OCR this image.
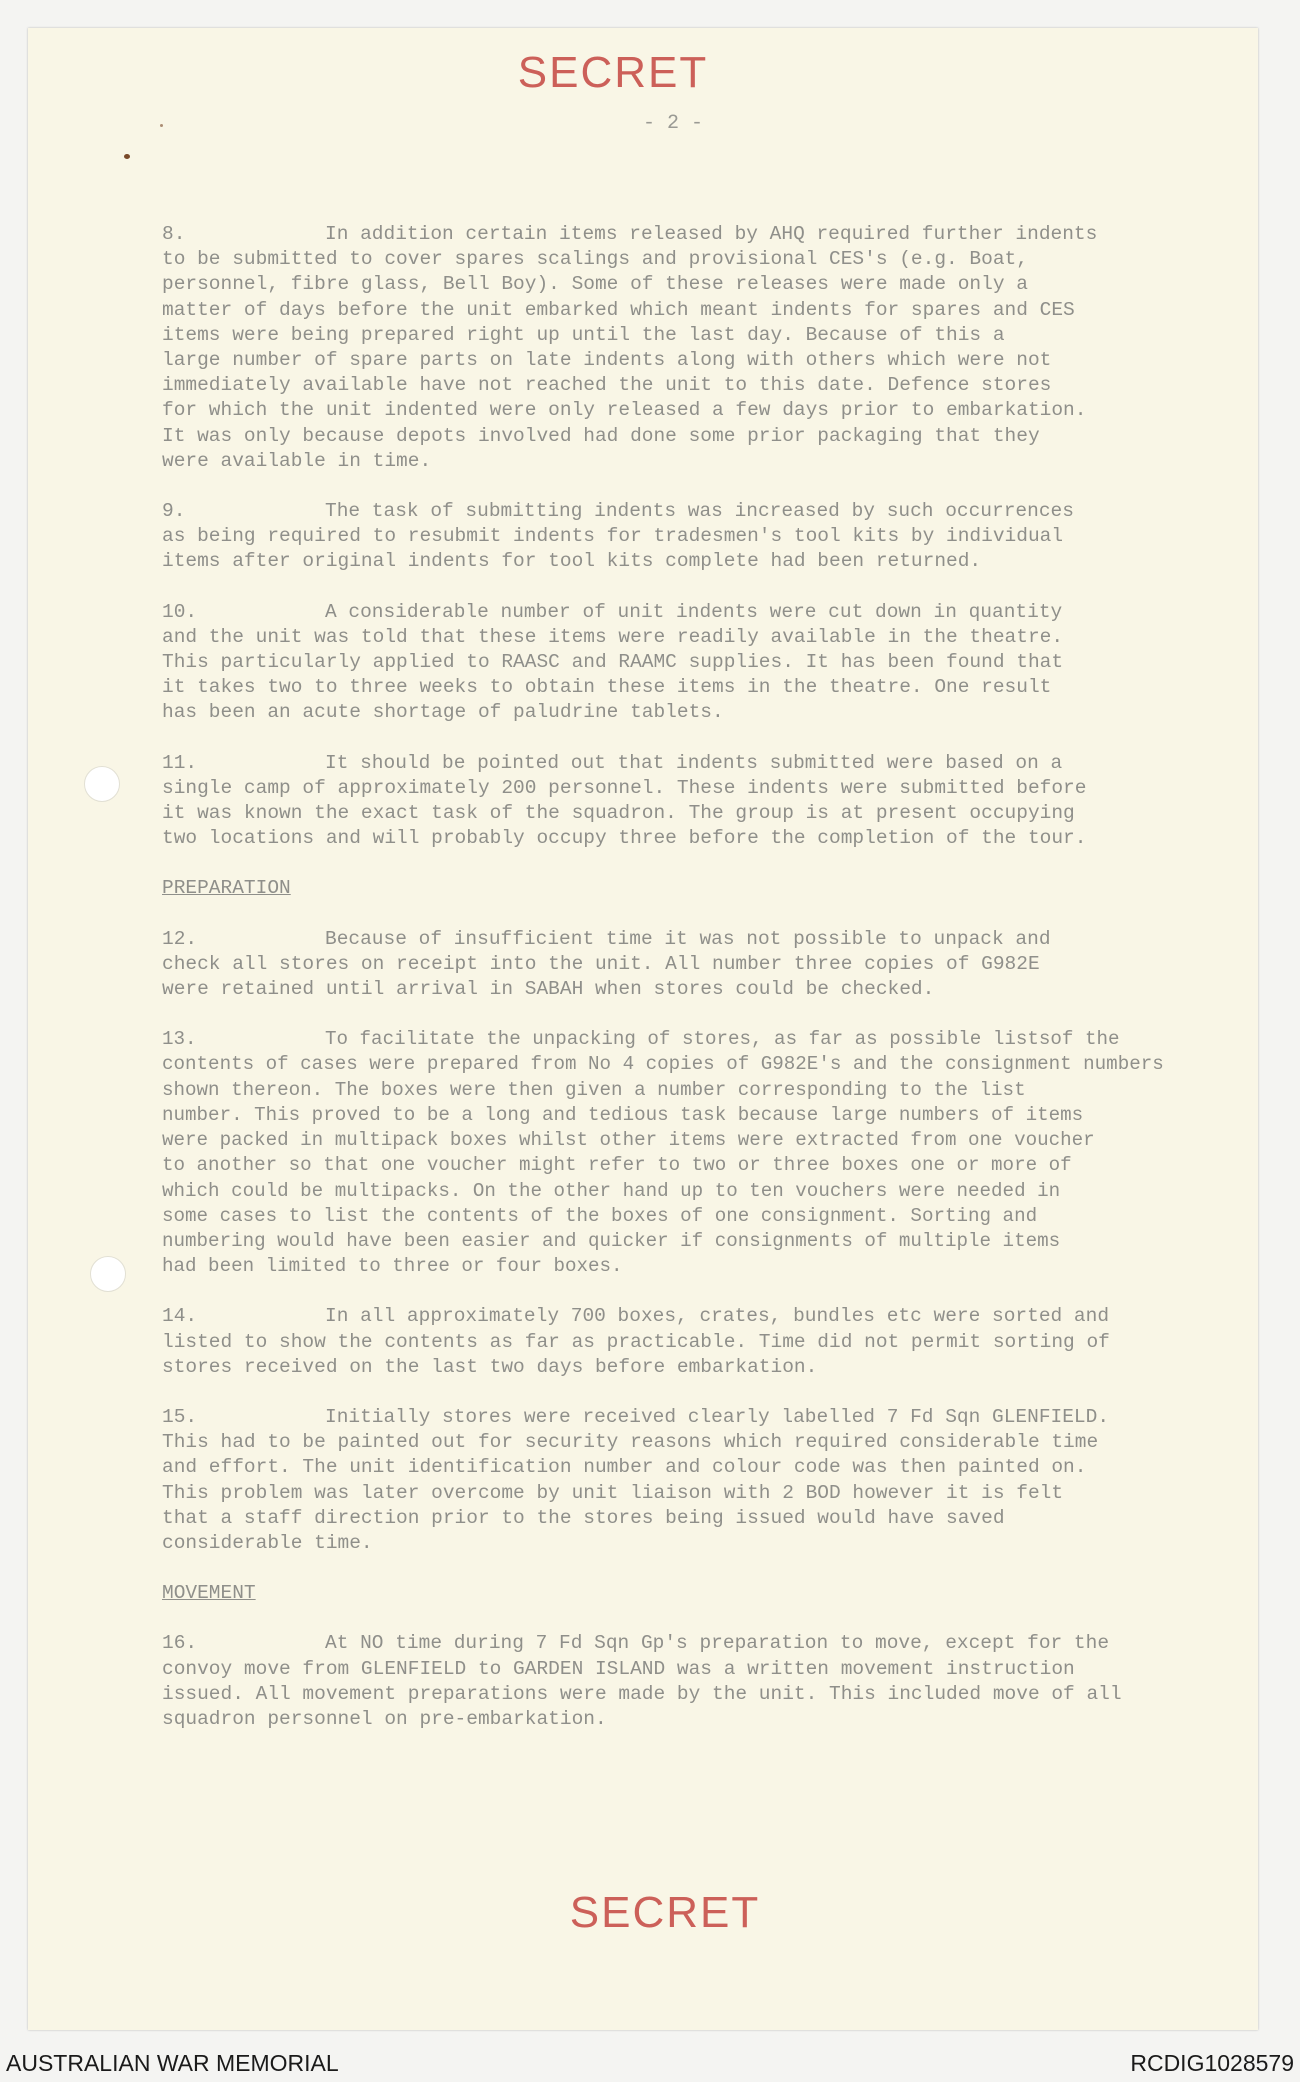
SECRET
- 2 -
8.	In addition certain items released by AHQ required further indents
to be submitted to cover spares scalings and provisional CES's (e.g. Boat,
personnel, fibre glass, Bell Boy). Some of these releases were made only a
matter of days before the unit embarked which meant indents for spares and CES
items were being prepared right up until the last day. Because of this a
large number of spare parts on late indents along with others which were not
immediately available have not reached the unit to this date. Defence stores
for which the unit indented were only released a few days prior to embarkation.
It was only because depots involved had done some prior packaging that they
were available in time.
9.	The task of submitting indents was increased by such occurrences
as being required to resubmit indents for tradesmen's tool kits by individual
items after original indents for tool kits complete had been returned.
10.	A considerable number of unit indents were cut down in quantity
and the unit was told that these items were readily available in the theatre.
This particularly applied to RAASC and RAAMC supplies. It has been found that
it takes two to three weeks to obtain these items in the theatre. One result
has been an acute shortage of paludrine tablets.
11.	It should be pointed out that indents submitted were based on a
single camp of approximately 200 personnel. These indents were submitted before
it was known the exact task of the squadron. The group is at present occupying
two locations and will probably occupy three before the completion of the tour.
PREPARATION
12.	Because of insufficient time it was not possible to unpack and
check all stores on receipt into the unit. All number three copies of G982E
were retained until arrival in SABAH when stores could be checked.
13.	To facilitate the unpacking of stores, as far as possible listsof the
contents of cases were prepared from No 4 copies of G982E's and the consignment numbers
shown thereon. The boxes were then given a number corresponding to the list
number. This proved to be a long and tedious task because large numbers of items
were packed in multipack boxes whilst other items were extracted from one voucher
to another so that one voucher might refer to two or three boxes one or more of
which could be multipacks. On the other hand up to ten vouchers were needed in
some cases to list the contents of the boxes of one consignment. Sorting and
numbering would have been easier and quicker if consignments of multiple items
had been limited to three or four boxes.
14.	In all approximately 700 boxes, crates, bundles etc were sorted and
listed to show the contents as far as practicable. Time did not permit sorting of
stores received on the last two days before embarkation.
15.	Initially stores were received clearly labelled 7 Fd Sqn GLENFIELD.
This had to be painted out for security reasons which required considerable time
and effort. The unit identification number and colour code was then painted on.
This problem was later overcome by unit liaison with 2 BOD however it is felt
that a staff direction prior to the stores being issued would have saved
considerable time.
MOVEMENT
16.	At NO time during 7 Fd Sqn Gp's preparation to move, except for the
convoy move from GLENFIELD to GARDEN ISLAND was a written movement instruction
issued. All movement preparations were made by the unit. This included move of all
squadron personnel on pre-embarkation.
SECRET
AUSTRALIAN WAR MEMORIAL	RCDIG1028579
